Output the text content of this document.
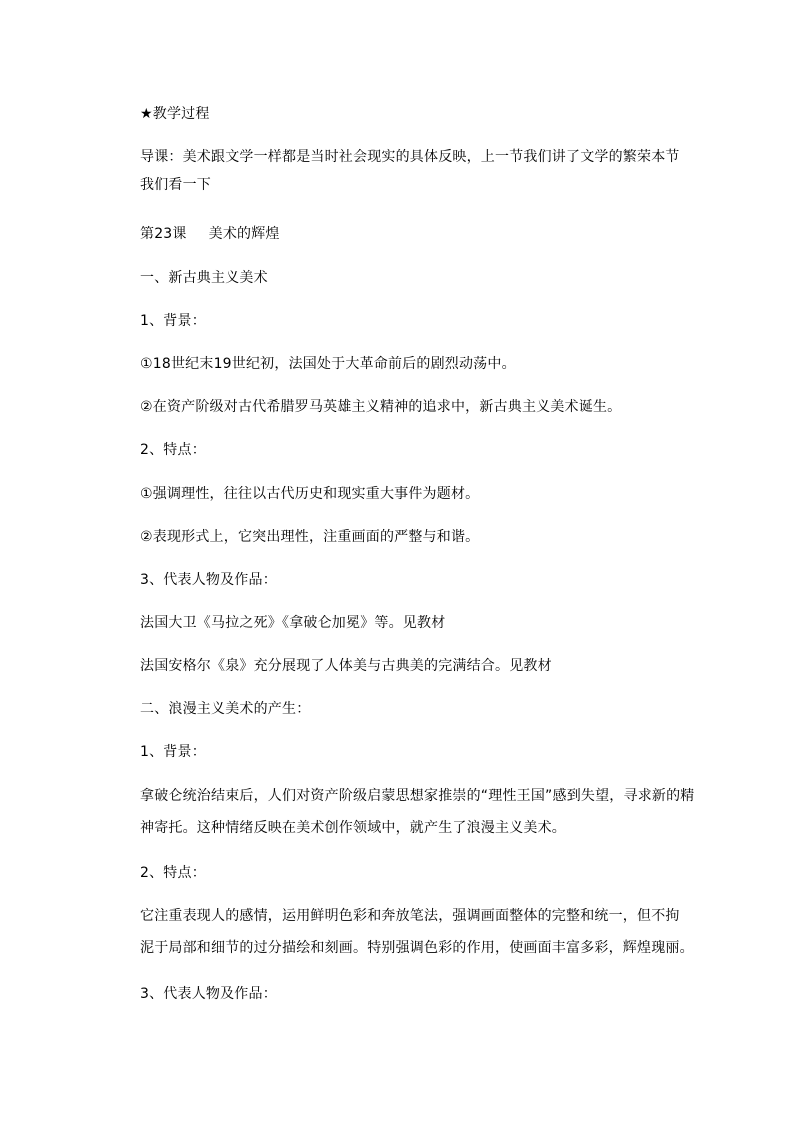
★教学过程
导课：美术跟文学一样都是当时社会现实的具体反映，上一节我们讲了文学的繁荣本节
我们看一下
第23课 美术的辉煌
一、新古典主义美术
1、背景：
①18世纪末19世纪初，法国处于大革命前后的剧烈动荡中。
②在资产阶级对古代希腊罗马英雄主义精神的追求中，新古典主义美术诞生。
2、特点：
①强调理性，往往以古代历史和现实重大事件为题材。
②表现形式上，它突出理性，注重画面的严整与和谐。
3、代表人物及作品：
法国大卫《马拉之死》《拿破仑加冕》等。见教材
法国安格尔《泉》充分展现了人体美与古典美的完满结合。见教材
二、浪漫主义美术的产生：
1、背景：
拿破仑统治结束后，人们对资产阶级启蒙思想家推崇的“理性王国”感到失望，寻求新的精
神寄托。这种情绪反映在美术创作领域中，就产生了浪漫主义美术。
2、特点：
它注重表现人的感情，运用鲜明色彩和奔放笔法，强调画面整体的完整和统一，但不拘
泥于局部和细节的过分描绘和刻画。特别强调色彩的作用，使画面丰富多彩，辉煌瑰丽。
3、代表人物及作品：
